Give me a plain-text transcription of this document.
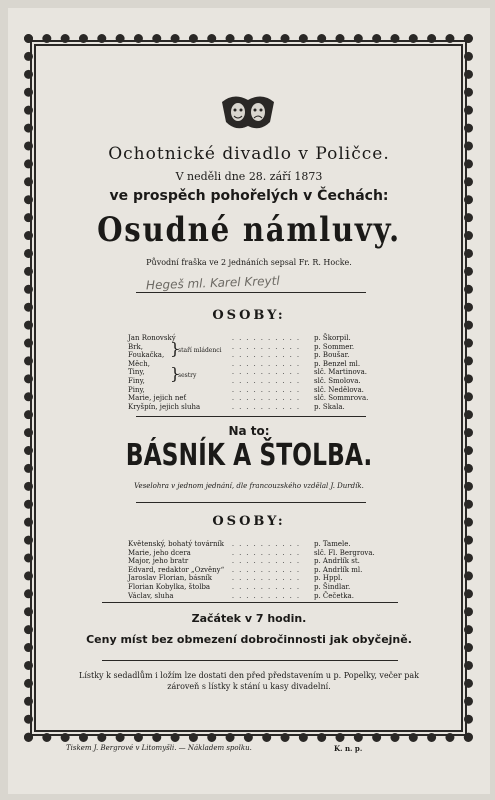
Ochotnické divadlo v Poličce.
V neděli dne 28. září 1873
ve prospěch pohořelých v Čechách:
Osudné námluvy.
Původní fraška ve 2 jednáních sepsal Fr. R. Hocke.
Hegeš ml. Karel Kreytl
OSOBY:
Jan Ronovský	..........	p. Škorpil.
Brk,	..........	p. Sommer.
Foukačka,	..........	p. Boušar.
Měch,	..........	p. Benzel ml.
Tiny,	..........	slč. Martinova.
Finy,	..........	slč. Smolova.
Piny,	..........	slč. Nedělova.
Marie, jejich neť	..........	slč. Sommrova.
Kryšpín, jejich sluha	..........	p. Skala.
}
staří mládenci
}
sestry
Na to:
BÁSNÍK A ŠTOLBA.
Veselohra v jednom jednání, dle francouzského vzdělal J. Durdík.
OSOBY:
Květenský, bohatý továrník	..........	p. Tamele.
Marie, jeho dcera	..........	slč. Fl. Bergrova.
Major, jeho bratr	..........	p. Andrlík st.
Edvard, redaktor „Ozvěny“	..........	p. Andrlík ml.
Jaroslav Florian, básník	..........	p. Hppl.
Florian Kobylka, štolba	..........	p. Šindlar.
Václav, sluha	..........	p. Čečetka.
Začátek v 7 hodin.
Ceny míst bez obmezení dobročinnosti jak obyčejně.
Lístky k sedadlům i ložím lze dostati den před představením u p. Popelky, večer pak zároveň s lístky k stání u kasy divadelní.
Tiskem J. Bergrové v Litomyšli. — Nákladem spolku.	K. n. p.
